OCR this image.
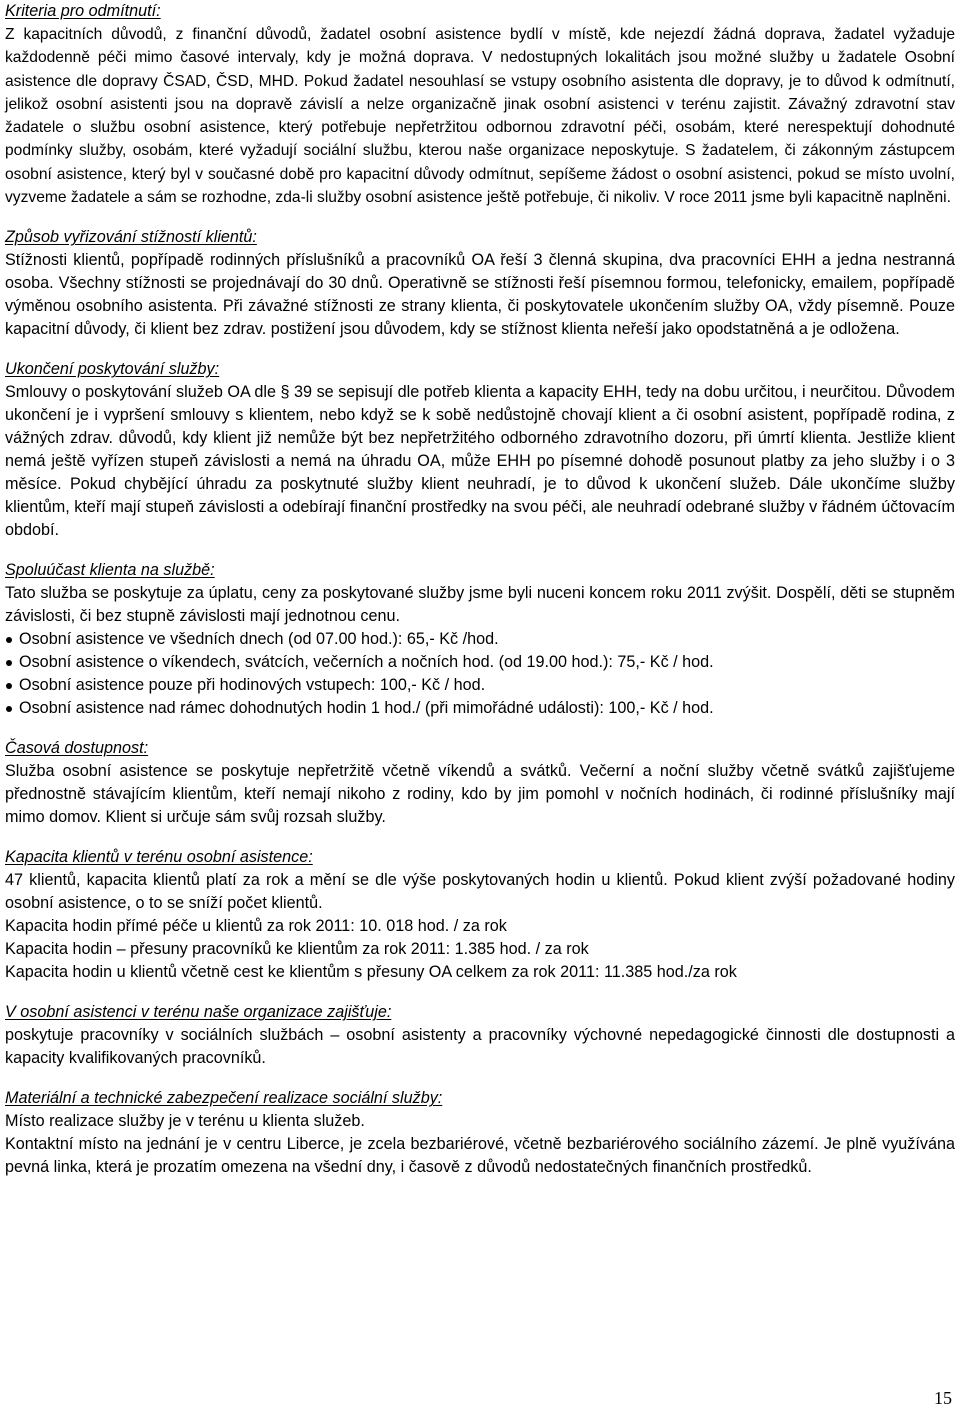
Kriteria pro odmítnutí:

Z kapacitních důvodů, z finanční důvodů, žadatel osobní asistence bydlí v místě, kde nejezdí žádná doprava, žadatel vyžaduje každodenně péči mimo časové intervaly, kdy je možná doprava. V nedostupných lokalitách jsou možné služby u žadatele Osobní asistence dle dopravy ČSAD, ČSD, MHD. Pokud žadatel nesouhlasí se vstupy osobního asistenta dle dopravy, je to důvod k odmítnutí, jelikož osobní asistenti jsou na dopravě závislí a nelze organizačně jinak osobní asistenci v terénu zajistit. Závažný zdravotní stav žadatele o službu osobní asistence, který potřebuje nepřetržitou odbornou zdravotní péči, osobám, které nerespektují dohodnuté podmínky služby, osobám, které vyžadují sociální službu, kterou naše organizace neposkytuje. S žadatelem, či zákonným zástupcem osobní asistence, který byl v současné době pro kapacitní důvody odmítnut, sepíšeme žádost o osobní asistenci, pokud se místo uvolní, vyzveme žadatele a sám se rozhodne, zda-li služby osobní asistence ještě potřebuje, či nikoliv. V roce 2011 jsme byli kapacitně naplněni.

Způsob vyřizování stížností klientů:

Stížnosti klientů, popřípadě rodinných příslušníků a pracovníků OA řeší 3 členná skupina, dva pracovníci EHH a jedna nestranná osoba. Všechny stížnosti se projednávají do 30 dnů. Operativně se stížnosti řeší písemnou formou, telefonicky, emailem, popřípadě výměnou osobního asistenta. Při závažné stížnosti ze strany klienta, či poskytovatele ukončením služby OA, vždy písemně. Pouze kapacitní důvody, či klient bez zdrav. postižení jsou důvodem, kdy se stížnost klienta neřeší jako opodstatněná a je odložena.

Ukončení poskytování služby:

Smlouvy o poskytování služeb OA dle § 39 se sepisují dle potřeb klienta a kapacity EHH, tedy na dobu určitou, i neurčitou. Důvodem ukončení je i vypršení smlouvy s klientem, nebo když se k sobě nedůstojně chovají klient a či osobní asistent, popřípadě rodina, z vážných zdrav. důvodů, kdy klient již nemůže být bez nepřetržitého odborného zdravotního dozoru, při úmrtí klienta. Jestliže klient nemá ještě vyřízen stupeň závislosti a nemá na úhradu OA, může EHH po písemné dohodě posunout platby za jeho služby i o 3 měsíce. Pokud chybějící úhradu za poskytnuté služby klient neuhradí, je to důvod k ukončení služeb. Dále ukončíme služby klientům, kteří mají stupeň závislosti a odebírají finanční prostředky na svou péči, ale neuhradí odebrané služby v řádném účtovacím období.

Spoluúčast klienta na službě:

Tato služba se poskytuje za úplatu, ceny za poskytované služby jsme byli nuceni koncem roku 2011 zvýšit. Dospělí, děti se stupněm závislosti, či bez stupně závislosti mají jednotnou cenu.

Osobní asistence ve všedních dnech (od 07.00 hod.): 65,- Kč /hod.
Osobní asistence o víkendech, svátcích, večerních a nočních hod. (od 19.00 hod.): 75,- Kč / hod.
Osobní asistence pouze při hodinových vstupech: 100,- Kč / hod.
Osobní asistence nad rámec dohodnutých hodin 1 hod./ (při mimořádné události): 100,- Kč / hod.
Časová dostupnost:

Služba osobní asistence se poskytuje nepřetržitě včetně víkendů a svátků. Večerní a noční služby včetně svátků zajišťujeme přednostně stávajícím klientům, kteří nemají nikoho z rodiny, kdo by jim pomohl v nočních hodinách, či rodinné příslušníky mají mimo domov. Klient si určuje sám svůj rozsah služby.

Kapacita klientů v terénu osobní asistence:

47 klientů, kapacita klientů platí za rok a mění se dle výše poskytovaných hodin u klientů. Pokud klient zvýší požadované hodiny osobní asistence, o to se sníží počet klientů.

Kapacita hodin přímé péče u klientů za rok 2011: 10. 018 hod. / za rok

Kapacita hodin – přesuny pracovníků ke klientům za rok 2011: 1.385 hod. / za rok

Kapacita hodin u klientů včetně cest ke klientům s přesuny OA celkem za rok 2011: 11.385 hod./za rok

V osobní asistenci v terénu naše organizace zajišťuje:

poskytuje pracovníky v sociálních službách – osobní asistenty a pracovníky výchovné nepedagogické činnosti dle dostupnosti a kapacity kvalifikovaných pracovníků.

Materiální a technické zabezpečení realizace sociální služby:

Místo realizace služby je v terénu u klienta služeb.

Kontaktní místo na jednání je v centru Liberce, je zcela bezbariérové, včetně bezbariérového sociálního zázemí. Je plně využívána pevná linka, která je prozatím omezena na všední dny, i časově z důvodů nedostatečných finančních prostředků.

15
